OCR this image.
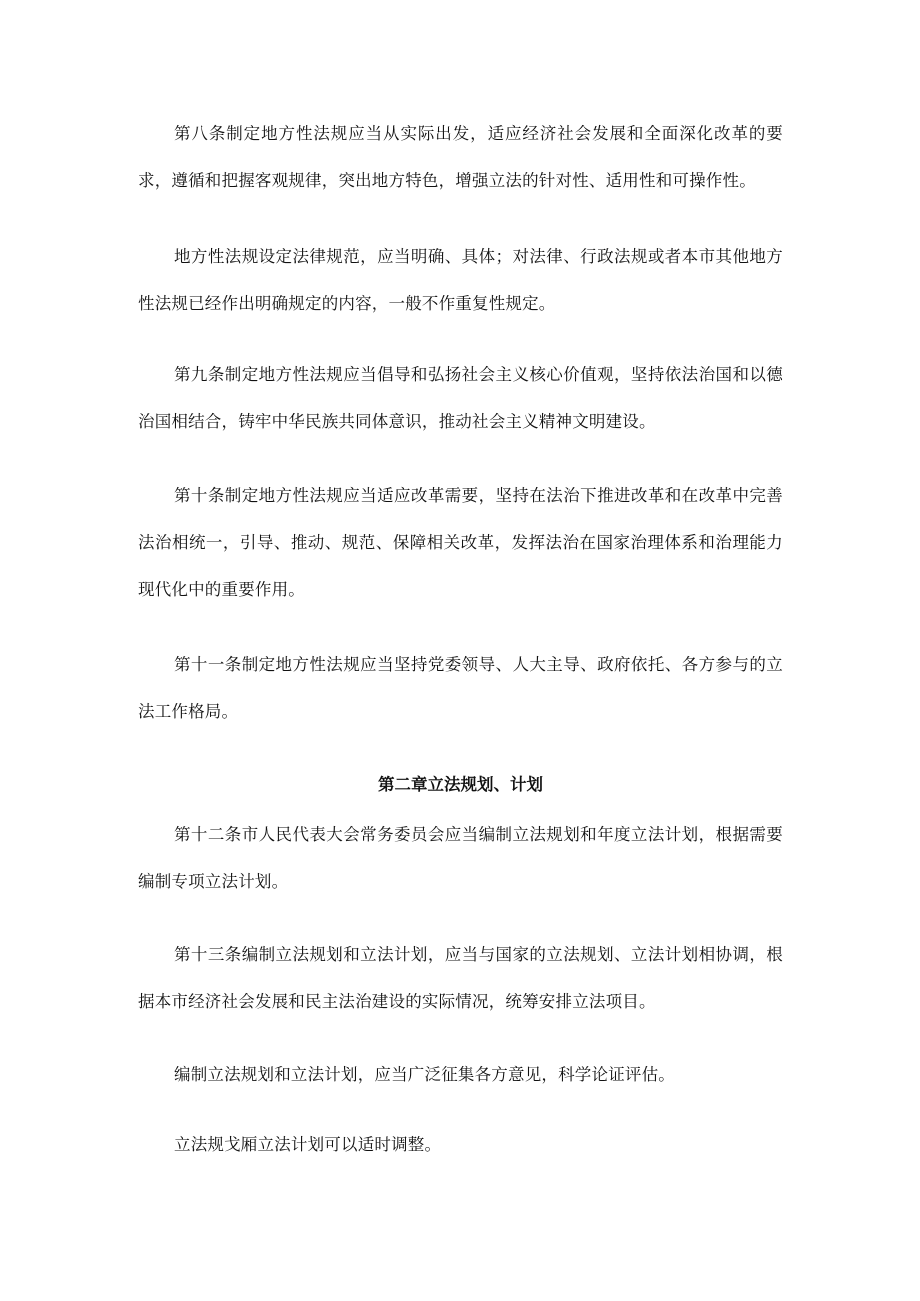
第八条制定地方性法规应当从实际出发，适应经济社会发展和全面深化改革的要求，遵循和把握客观规律，突出地方特色，增强立法的针对性、适用性和可操作性。

地方性法规设定法律规范，应当明确、具体；对法律、行政法规或者本市其他地方性法规已经作出明确规定的内容，一般不作重复性规定。

第九条制定地方性法规应当倡导和弘扬社会主义核心价值观，坚持依法治国和以德治国相结合，铸牢中华民族共同体意识，推动社会主义精神文明建设。

第十条制定地方性法规应当适应改革需要，坚持在法治下推进改革和在改革中完善法治相统一，引导、推动、规范、保障相关改革，发挥法治在国家治理体系和治理能力现代化中的重要作用。

第十一条制定地方性法规应当坚持党委领导、人大主导、政府依托、各方参与的立法工作格局。

第二章立法规划、计划

第十二条市人民代表大会常务委员会应当编制立法规划和年度立法计划，根据需要编制专项立法计划。

第十三条编制立法规划和立法计划，应当与国家的立法规划、立法计划相协调，根据本市经济社会发展和民主法治建设的实际情况，统筹安排立法项目。

编制立法规划和立法计划，应当广泛征集各方意见，科学论证评估。

立法规戈厢立法计划可以适时调整。
